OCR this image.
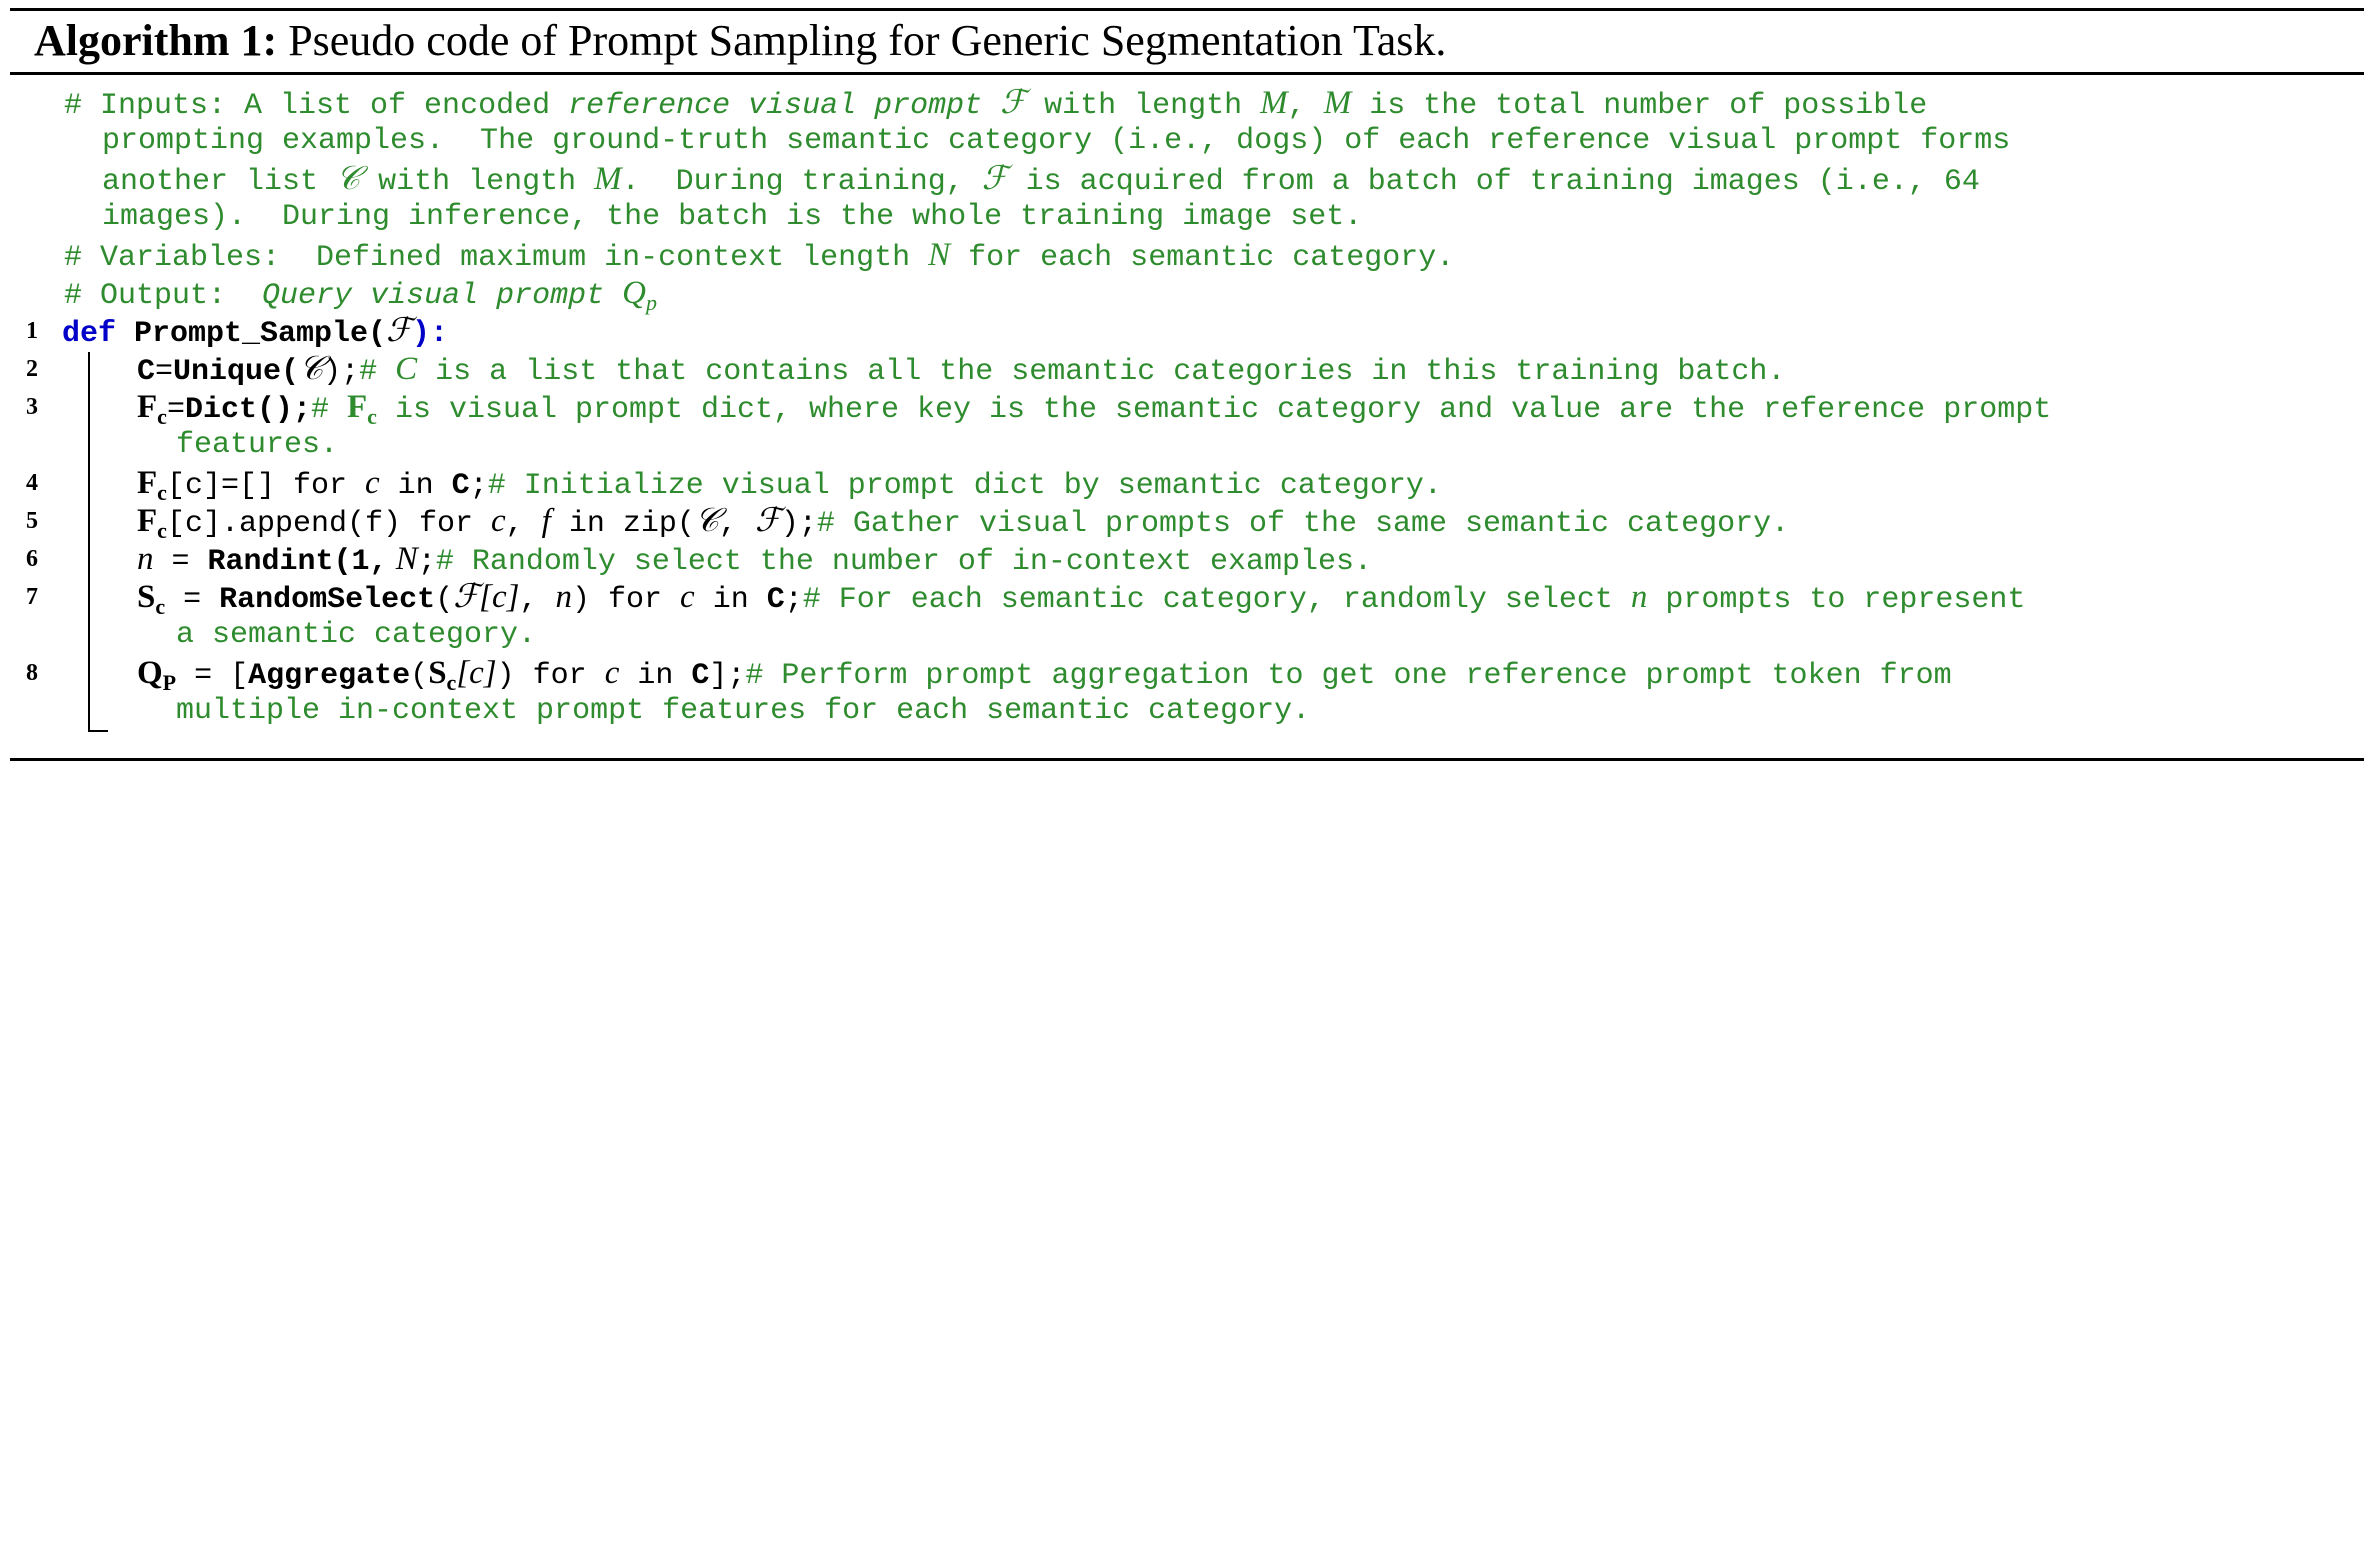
Algorithm 1: Pseudo code of Prompt Sampling for Generic Segmentation Task.

# Inputs: A list of encoded reference visual prompt ℱ with length M, M is the total number of possible

prompting examples.  The ground-truth semantic category (i.e., dogs) of each reference visual prompt forms

another list 𝒞 with length M.  During training, ℱ is acquired from a batch of training images (i.e., 64

images).  During inference, the batch is the whole training image set.

# Variables:  Defined maximum in-context length N for each semantic category.

# Output:  Query visual prompt $Q_p$

1

def Prompt_Sample(ℱ):

2

	C=Unique(𝒞);# C is a list that contains all the semantic categories in this training batch.

3

	$F_c=Dict();\#$ $F_c$ is visual prompt dict, where key is the semantic category and value are the reference prompt

features.

4

	$F_c[c]=[]$ for c in C;# Initialize visual prompt dict by semantic category.

5

	$F_c[c].append(f)$ for c, f in zip(𝒞, ℱ);# Gather visual prompts of the same semantic category.

6

	n = Randint(1, N;# Randomly select the number of in-context examples.

7

	$S_c$ = RandomSelect(ℱ[c], n) for c in C;# For each semantic category, randomly select n prompts to represent

a semantic category.

8

	$Q_P$ = [$Aggregate(S_c[c])$ for c in C];# Perform prompt aggregation to get one reference prompt token from

multiple in-context prompt features for each semantic category.
